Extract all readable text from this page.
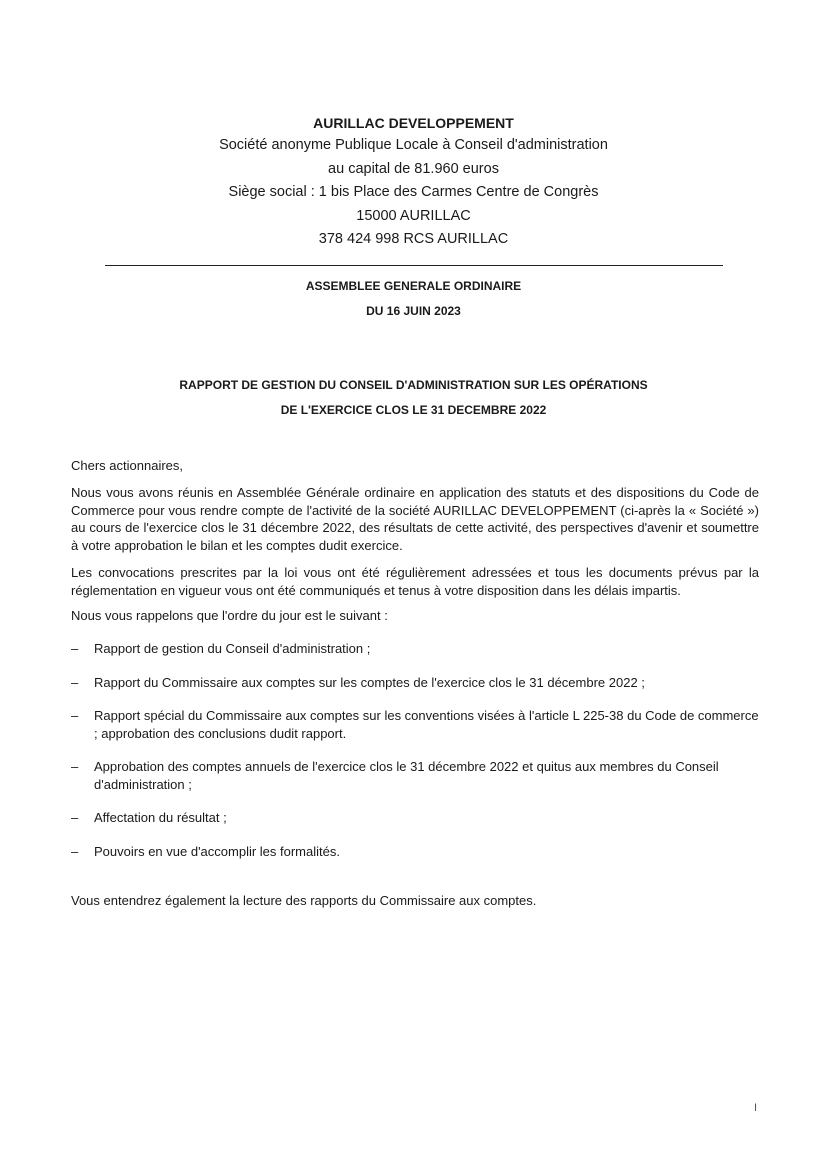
AURILLAC DEVELOPPEMENT
Société anonyme Publique Locale à Conseil d'administration
au capital de 81.960 euros
Siège social : 1 bis Place des Carmes Centre de Congrès
15000 AURILLAC
378 424 998 RCS AURILLAC
ASSEMBLEE GENERALE ORDINAIRE
DU 16 JUIN 2023
RAPPORT DE GESTION DU CONSEIL D'ADMINISTRATION SUR LES OPÉRATIONS
DE L'EXERCICE CLOS LE 31 DECEMBRE 2022
Chers actionnaires,
Nous vous avons réunis en Assemblée Générale ordinaire en application des statuts et des dispositions du Code de Commerce pour vous rendre compte de l'activité de la société AURILLAC DEVELOPPEMENT (ci-après la « Société ») au cours de l'exercice clos le 31 décembre 2022, des résultats de cette activité, des perspectives d'avenir et soumettre à votre approbation le bilan et les comptes dudit exercice.
Les convocations prescrites par la loi vous ont été régulièrement adressées et tous les documents prévus par la réglementation en vigueur vous ont été communiqués et tenus à votre disposition dans les délais impartis.
Nous vous rappelons que l'ordre du jour est le suivant :
– Rapport de gestion du Conseil d'administration ;
– Rapport du Commissaire aux comptes sur les comptes de l'exercice clos le 31 décembre 2022 ;
– Rapport spécial du Commissaire aux comptes sur les conventions visées à l'article L 225-38 du Code de commerce ; approbation des conclusions dudit rapport.
– Approbation des comptes annuels de l'exercice clos le 31 décembre 2022 et quitus aux membres du Conseil d'administration ;
– Affectation du résultat ;
– Pouvoirs en vue d'accomplir les formalités.
Vous entendrez également la lecture des rapports du Commissaire aux comptes.
I
